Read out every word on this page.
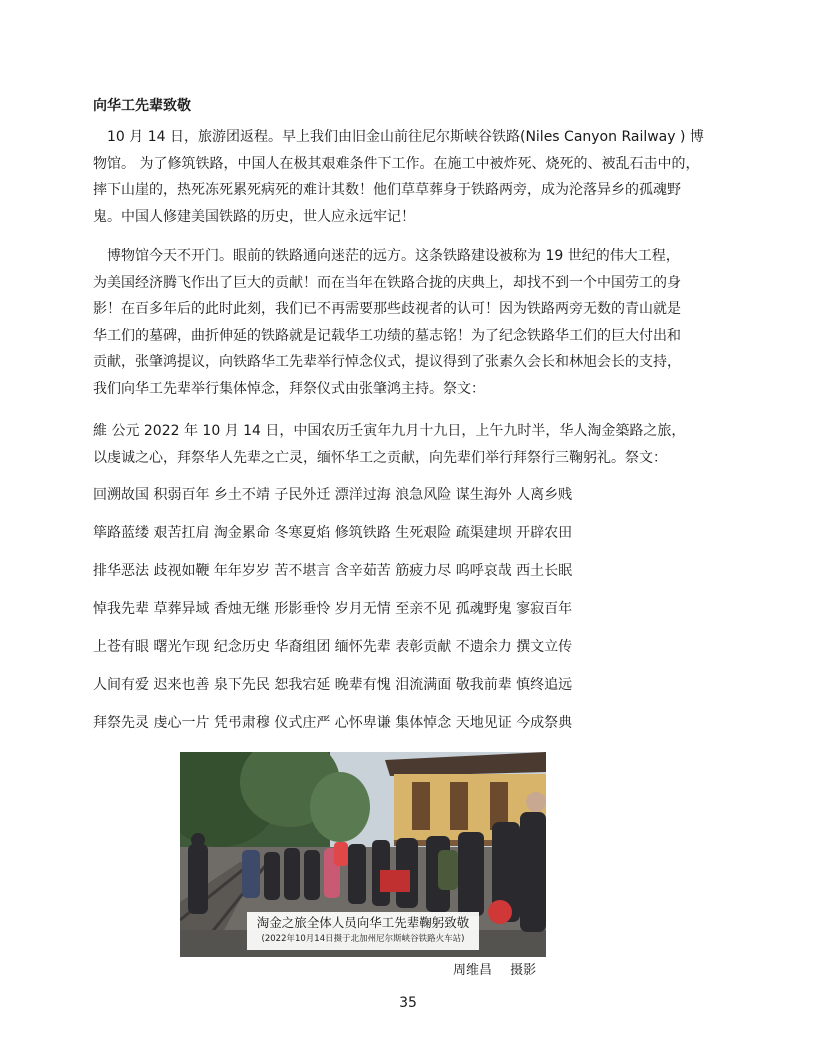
向华工先辈致敬

10 月 14 日，旅游团返程。早上我们由旧金山前往尼尔斯峡谷铁路(Niles Canyon Railway ) 博
物馆。 为了修筑铁路，中国人在极其艰难条件下工作。在施工中被炸死、烧死的、被乱石击中的，
摔下山崖的，热死冻死累死病死的难计其数！他们草草葬身于铁路两旁，成为沦落异乡的孤魂野
鬼。中国人修建美国铁路的历史，世人应永远牢记！

博物馆今天不开门。眼前的铁路通向迷茫的远方。这条铁路建设被称为 19 世纪的伟大工程，
为美国经济腾飞作出了巨大的贡献！而在当年在铁路合拢的庆典上，却找不到一个中国劳工的身
影！在百多年后的此时此刻，我们已不再需要那些歧视者的认可！因为铁路两旁无数的青山就是
华工们的墓碑，曲折伸延的铁路就是记载华工功绩的墓志铭！为了纪念铁路华工们的巨大付出和
贡献，张肇鸿提议，向铁路华工先辈举行悼念仪式，提议得到了张素久会长和林旭会长的支持，
我们向华工先辈举行集体悼念，拜祭仪式由张肇鸿主持。祭文：

維 公元 2022 年 10 月 14 日，中国农历壬寅年九月十九日，上午九时半，华人淘金築路之旅，
以虔诚之心，拜祭华人先辈之亡灵，缅怀华工之贡献，向先辈们举行拜祭行三鞠躬礼。祭文：

回溯故国 积弱百年 乡土不靖 子民外迁 漂洋过海 浪急风险 谋生海外 人离乡贱
筚路蓝缕 艰苦扛肩 淘金累命 冬寒夏焰 修筑铁路 生死艰险 疏渠建坝 开辟农田
排华恶法 歧视如鞭 年年岁岁 苦不堪言 含辛茹苦 筋疲力尽 呜呼哀哉 西土长眠
悼我先辈 草葬异域 香烛无继 形影垂怜 岁月无情 至亲不见 孤魂野鬼 寥寂百年
上苍有眼 曙光乍现 纪念历史 华裔组团 缅怀先辈 表彰贡献 不遗余力 撰文立传
人间有爱 迟来也善 泉下先民 恕我宕延 晚辈有愧 泪流满面 敬我前辈 慎终追远
拜祭先灵 虔心一片 凭弔肃穆 仪式庄严 心怀卑谦 集体悼念 天地见证 今成祭典
淘金之旅全体人员向华工先辈鞠躬致敬
(2022年10月14日摄于北加州尼尔斯峡谷铁路火车站)
周维昌 摄影
35
